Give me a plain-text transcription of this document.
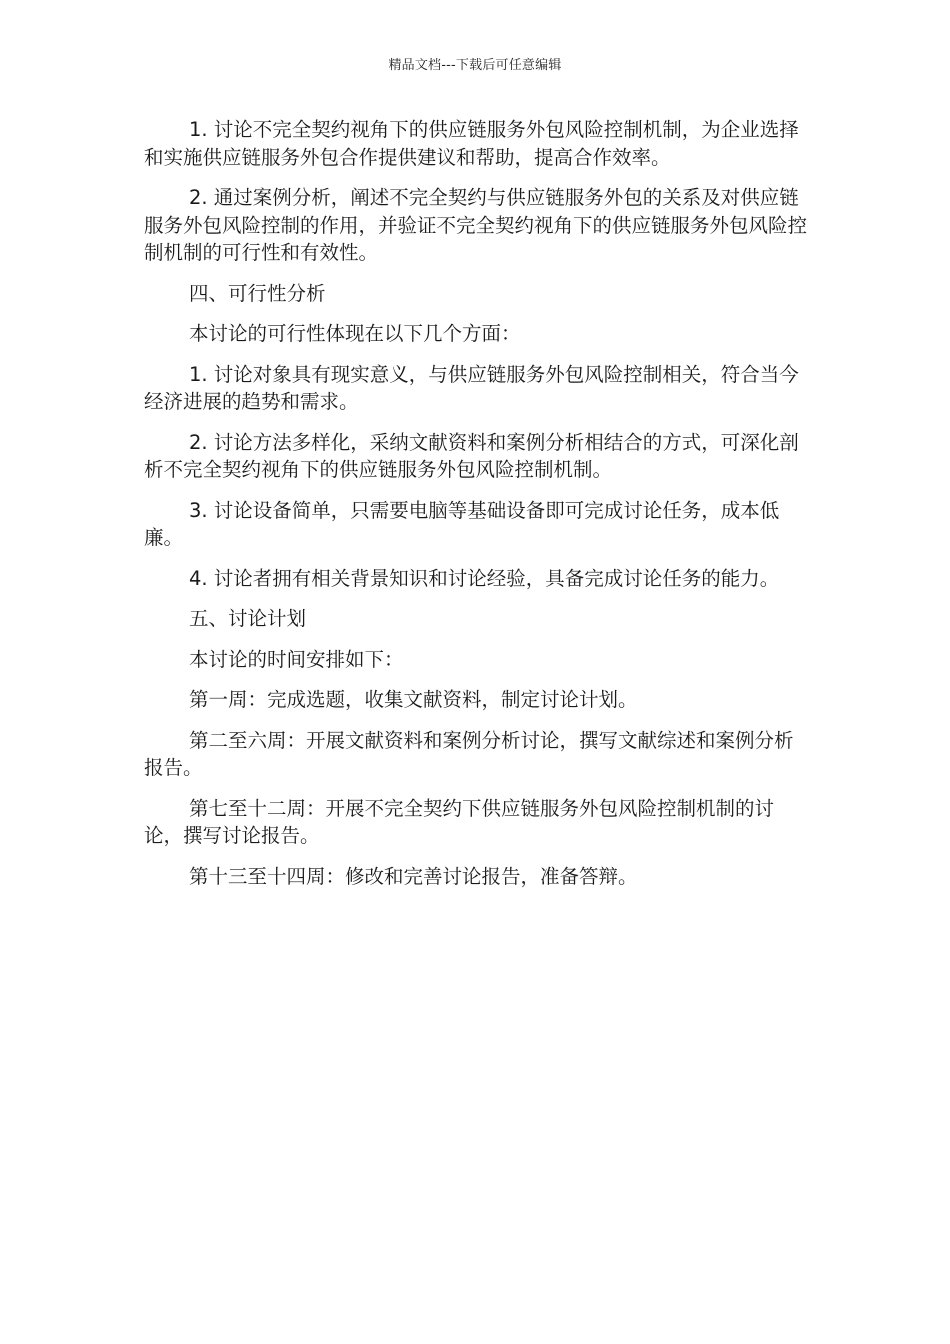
精品文档---下载后可任意编辑

1. 讨论不完全契约视角下的供应链服务外包风险控制机制，为企业选择和实施供应链服务外包合作提供建议和帮助，提高合作效率。

2. 通过案例分析，阐述不完全契约与供应链服务外包的关系及对供应链服务外包风险控制的作用，并验证不完全契约视角下的供应链服务外包风险控制机制的可行性和有效性。

四、可行性分析

本讨论的可行性体现在以下几个方面：

1. 讨论对象具有现实意义，与供应链服务外包风险控制相关，符合当今经济进展的趋势和需求。

2. 讨论方法多样化，采纳文献资料和案例分析相结合的方式，可深化剖析不完全契约视角下的供应链服务外包风险控制机制。

3. 讨论设备简单，只需要电脑等基础设备即可完成讨论任务，成本低廉。

4. 讨论者拥有相关背景知识和讨论经验，具备完成讨论任务的能力。

五、讨论计划

本讨论的时间安排如下：

第一周：完成选题，收集文献资料，制定讨论计划。

第二至六周：开展文献资料和案例分析讨论，撰写文献综述和案例分析报告。

第七至十二周：开展不完全契约下供应链服务外包风险控制机制的讨论，撰写讨论报告。

第十三至十四周：修改和完善讨论报告，准备答辩。
